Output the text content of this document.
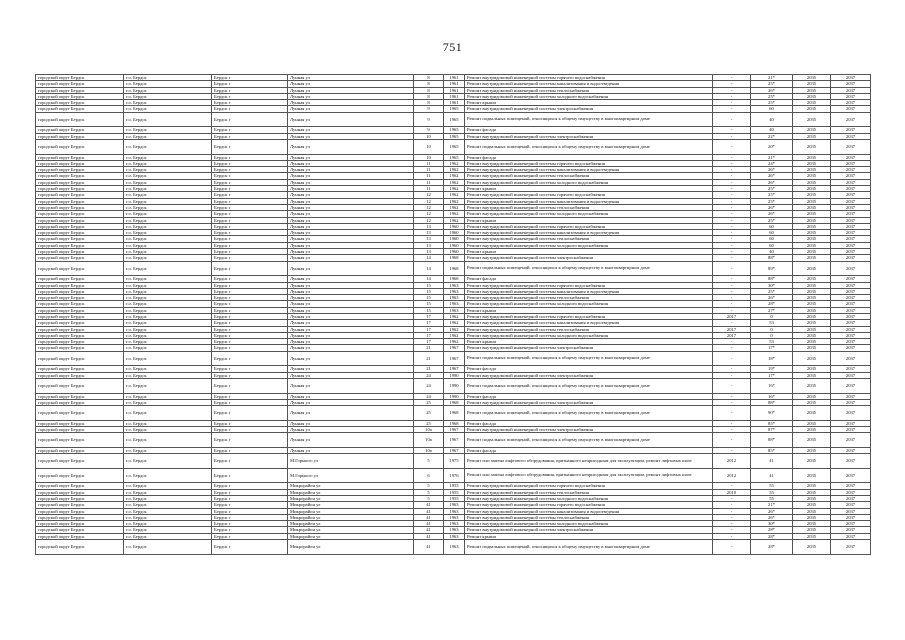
751
городской округ Бердск	г.о. Бердск	Бердск г	Лунная ул	8	1961	Ремонт внутридомовой инженерной системы горячего водоснабжения	-	21*	2035	2037
городской округ Бердск	г.о. Бердск	Бердск г	Лунная ул	8	1961	Ремонт внутридомовой инженерной системы канализования и водоотведения	-	25*	2035	2037
городской округ Бердск	г.о. Бердск	Бердск г	Лунная ул	8	1961	Ремонт внутридомовой инженерной системы теплоснабжения	-	26*	2035	2037
городской округ Бердск	г.о. Бердск	Бердск г	Лунная ул	8	1961	Ремонт внутридомовой инженерной системы холодного водоснабжения	-	25*	2035	2037
городской округ Бердск	г.о. Бердск	Бердск г	Лунная ул	8	1961	Ремонт крыши	-	25*	2035	2037
городской округ Бердск	г.о. Бердск	Бердск г	Лунная ул	9	1965	Ремонт внутридомовой инженерной системы электроснабжения	-	60	2035	2037
городской округ Бердск	г.о. Бердск	Бердск г	Лунная ул	9	1965	Ремонт подвальных помещений, относящихся к общему имуществу в многоквартирном доме	-	40	2035	2037
городской округ Бердск	г.о. Бердск	Бердск г	Лунная ул	9	1965	Ремонт фасада	-	40	2035	2037
городской округ Бердск	г.о. Бердск	Бердск г	Лунная ул	10	1965	Ремонт внутридомовой инженерной системы электроснабжения	-	22*	2035	2037
городской округ Бердск	г.о. Бердск	Бердск г	Лунная ул	10	1965	Ремонт подвальных помещений, относящихся к общему имуществу в многоквартирном доме	-	20*	2035	2037
городской округ Бердск	г.о. Бердск	Бердск г	Лунная ул	10	1965	Ремонт фасада	-	21*	2035	2037
городской округ Бердск	г.о. Бердск	Бердск г	Лунная ул	11	1962	Ремонт внутридомовой инженерной системы горячего водоснабжения	-	24*	2035	2037
городской округ Бердск	г.о. Бердск	Бердск г	Лунная ул	11	1962	Ремонт внутридомовой инженерной системы канализования и водоотведения	-	26*	2035	2037
городской округ Бердск	г.о. Бердск	Бердск г	Лунная ул	11	1962	Ремонт внутридомовой инженерной системы теплоснабжения	-	26*	2035	2037
городской округ Бердск	г.о. Бердск	Бердск г	Лунная ул	11	1962	Ремонт внутридомовой инженерной системы холодного водоснабжения	-	26*	2035	2037
городской округ Бердск	г.о. Бердск	Бердск г	Лунная ул	11	1962	Ремонт крыши	-	25*	2035	2037
городской округ Бердск	г.о. Бердск	Бердск г	Лунная ул	12	1962	Ремонт внутридомовой инженерной системы горячего водоснабжения	-	25*	2035	2037
городской округ Бердск	г.о. Бердск	Бердск г	Лунная ул	12	1962	Ремонт внутридомовой инженерной системы канализования и водоотведения	-	25*	2035	2037
городской округ Бердск	г.о. Бердск	Бердск г	Лунная ул	12	1962	Ремонт внутридомовой инженерной системы теплоснабжения	-	26*	2035	2037
городской округ Бердск	г.о. Бердск	Бердск г	Лунная ул	12	1962	Ремонт внутридомовой инженерной системы холодного водоснабжения	-	26*	2035	2037
городской округ Бердск	г.о. Бердск	Бердск г	Лунная ул	12	1962	Ремонт крыши	-	25*	2035	2037
городской округ Бердск	г.о. Бердск	Бердск г	Лунная ул	13	1960	Ремонт внутридомовой инженерной системы горячего водоснабжения	-	60	2035	2037
городской округ Бердск	г.о. Бердск	Бердск г	Лунная ул	13	1960	Ремонт внутридомовой инженерной системы канализования и водоотведения	-	60	2035	2037
городской округ Бердск	г.о. Бердск	Бердск г	Лунная ул	13	1960	Ремонт внутридомовой инженерной системы теплоснабжения	-	60	2035	2037
городской округ Бердск	г.о. Бердск	Бердск г	Лунная ул	13	1960	Ремонт внутридомовой инженерной системы холодного водоснабжения	-	60	2035	2037
городской округ Бердск	г.о. Бердск	Бердск г	Лунная ул	13	1960	Ремонт крыши	-	40	2035	2037
городской округ Бердск	г.о. Бердск	Бердск г	Лунная ул	14	1968	Ремонт внутридомовой инженерной системы электроснабжения	-	88*	2035	2037
городской округ Бердск	г.о. Бердск	Бердск г	Лунная ул	14	1968	Ремонт подвальных помещений, относящихся к общему имуществу в многоквартирном доме	-	89*	2035	2037
городской округ Бердск	г.о. Бердск	Бердск г	Лунная ул	14	1968	Ремонт фасада	-	88*	2035	2037
городской округ Бердск	г.о. Бердск	Бердск г	Лунная ул	15	1963	Ремонт внутридомовой инженерной системы горячего водоснабжения	-	30*	2035	2037
городской округ Бердск	г.о. Бердск	Бердск г	Лунная ул	15	1963	Ремонт внутридомовой инженерной системы канализования и водоотведения	-	25*	2035	2037
городской округ Бердск	г.о. Бердск	Бердск г	Лунная ул	15	1963	Ремонт внутридомовой инженерной системы теплоснабжения	-	26*	2035	2037
городской округ Бердск	г.о. Бердск	Бердск г	Лунная ул	15	1963	Ремонт внутридомовой инженерной системы холодного водоснабжения	-	28*	2035	2037
городской округ Бердск	г.о. Бердск	Бердск г	Лунная ул	15	1963	Ремонт крыши	-	27*	2035	2037
городской округ Бердск	г.о. Бердск	Бердск г	Лунная ул	17	1962	Ремонт внутридомовой инженерной системы горячего водоснабжения	2017	0	2035	2037
городской округ Бердск	г.о. Бердск	Бердск г	Лунная ул	17	1962	Ремонт внутридомовой инженерной системы канализования и водоотведения	-	53	2035	2037
городской округ Бердск	г.о. Бердск	Бердск г	Лунная ул	17	1962	Ремонт внутридомовой инженерной системы теплоснабжения	2017	0	2035	2037
городской округ Бердск	г.о. Бердск	Бердск г	Лунная ул	17	1962	Ремонт внутридомовой инженерной системы холодного водоснабжения	2017	0	2035	2037
городской округ Бердск	г.о. Бердск	Бердск г	Лунная ул	17	1962	Ремонт крыши	-	53	2035	2037
городской округ Бердск	г.о. Бердск	Бердск г	Лунная ул	21	1967	Ремонт внутридомовой инженерной системы электроснабжения	-	17*	2035	2037
городской округ Бердск	г.о. Бердск	Бердск г	Лунная ул	21	1967	Ремонт подвальных помещений, относящихся к общему имуществу в многоквартирном доме	-	18*	2035	2037
городской округ Бердск	г.о. Бердск	Бердск г	Лунная ул	21	1967	Ремонт фасада	-	19*	2035	2037
городской округ Бердск	г.о. Бердск	Бердск г	Лунная ул	24	1990	Ремонт внутридомовой инженерной системы электроснабжения	-	17*	2035	2037
городской округ Бердск	г.о. Бердск	Бердск г	Лунная ул	24	1990	Ремонт подвальных помещений, относящихся к общему имуществу в многоквартирном доме	-	16*	2035	2037
городской округ Бердск	г.о. Бердск	Бердск г	Лунная ул	24	1990	Ремонт фасада	-	16*	2035	2037
городской округ Бердск	г.о. Бердск	Бердск г	Лунная ул	25	1968	Ремонт внутридомовой инженерной системы электроснабжения	-	88*	2035	2037
городской округ Бердск	г.о. Бердск	Бердск г	Лунная ул	25	1968	Ремонт подвальных помещений, относящихся к общему имуществу в многоквартирном доме	-	90*	2035	2037
городской округ Бердск	г.о. Бердск	Бердск г	Лунная ул	25	1968	Ремонт фасада	-	85*	2035	2037
городской округ Бердск	г.о. Бердск	Бердск г	Лунная ул	10а	1967	Ремонт внутридомовой инженерной системы электроснабжения	-	87*	2035	2037
городской округ Бердск	г.о. Бердск	Бердск г	Лунная ул	10а	1967	Ремонт подвальных помещений, относящихся к общему имуществу в многоквартирном доме	-	88*	2035	2037
городской округ Бердск	г.о. Бердск	Бердск г	Лунная ул	10а	1967	Ремонт фасада	-	85*	2035	2037
городской округ Бердск	г.о. Бердск	Бердск г	М.Горького ул	5	1975	Ремонт или замена лифтового оборудования, признанного непригодным для эксплуатации, ремонт лифтовых шахт	2012	41	2035	2037
городской округ Бердск	г.о. Бердск	Бердск г	М.Горького ул	6	1976	Ремонт или замена лифтового оборудования, признанного непригодным для эксплуатации, ремонт лифтовых шахт	2012	41	2035	2037
городской округ Бердск	г.о. Бердск	Бердск г	Микрорайон ул	5	1955	Ремонт внутридомовой инженерной системы горячего водоснабжения	-	55	2035	2037
городской округ Бердск	г.о. Бердск	Бердск г	Микрорайон ул	5	1955	Ремонт внутридомовой инженерной системы теплоснабжения	2010	55	2035	2037
городской округ Бердск	г.о. Бердск	Бердск г	Микрорайон ул	5	1955	Ремонт внутридомовой инженерной системы холодного водоснабжения	-	55	2035	2037
городской округ Бердск	г.о. Бердск	Бердск г	Микрорайон ул	41	1963	Ремонт внутридомовой инженерной системы горячего водоснабжения	-	21*	2035	2037
городской округ Бердск	г.о. Бердск	Бердск г	Микрорайон ул	41	1963	Ремонт внутридомовой инженерной системы канализования и водоотведения	-	26*	2035	2037
городской округ Бердск	г.о. Бердск	Бердск г	Микрорайон ул	41	1963	Ремонт внутридомовой инженерной системы теплоснабжения	-	26*	2035	2037
городской округ Бердск	г.о. Бердск	Бердск г	Микрорайон ул	41	1963	Ремонт внутридомовой инженерной системы холодного водоснабжения	-	30*	2035	2037
городской округ Бердск	г.о. Бердск	Бердск г	Микрорайон ул	41	1963	Ремонт внутридомовой инженерной системы электроснабжения	-	28*	2035	2037
городской округ Бердск	г.о. Бердск	Бердск г	Микрорайон ул	41	1963	Ремонт крыши	-	28*	2035	2037
городской округ Бердск	г.о. Бердск	Бердск г	Микрорайон ул	41	1963	Ремонт подвальных помещений, относящихся к общему имуществу в многоквартирном доме	-	28*	2035	2037
